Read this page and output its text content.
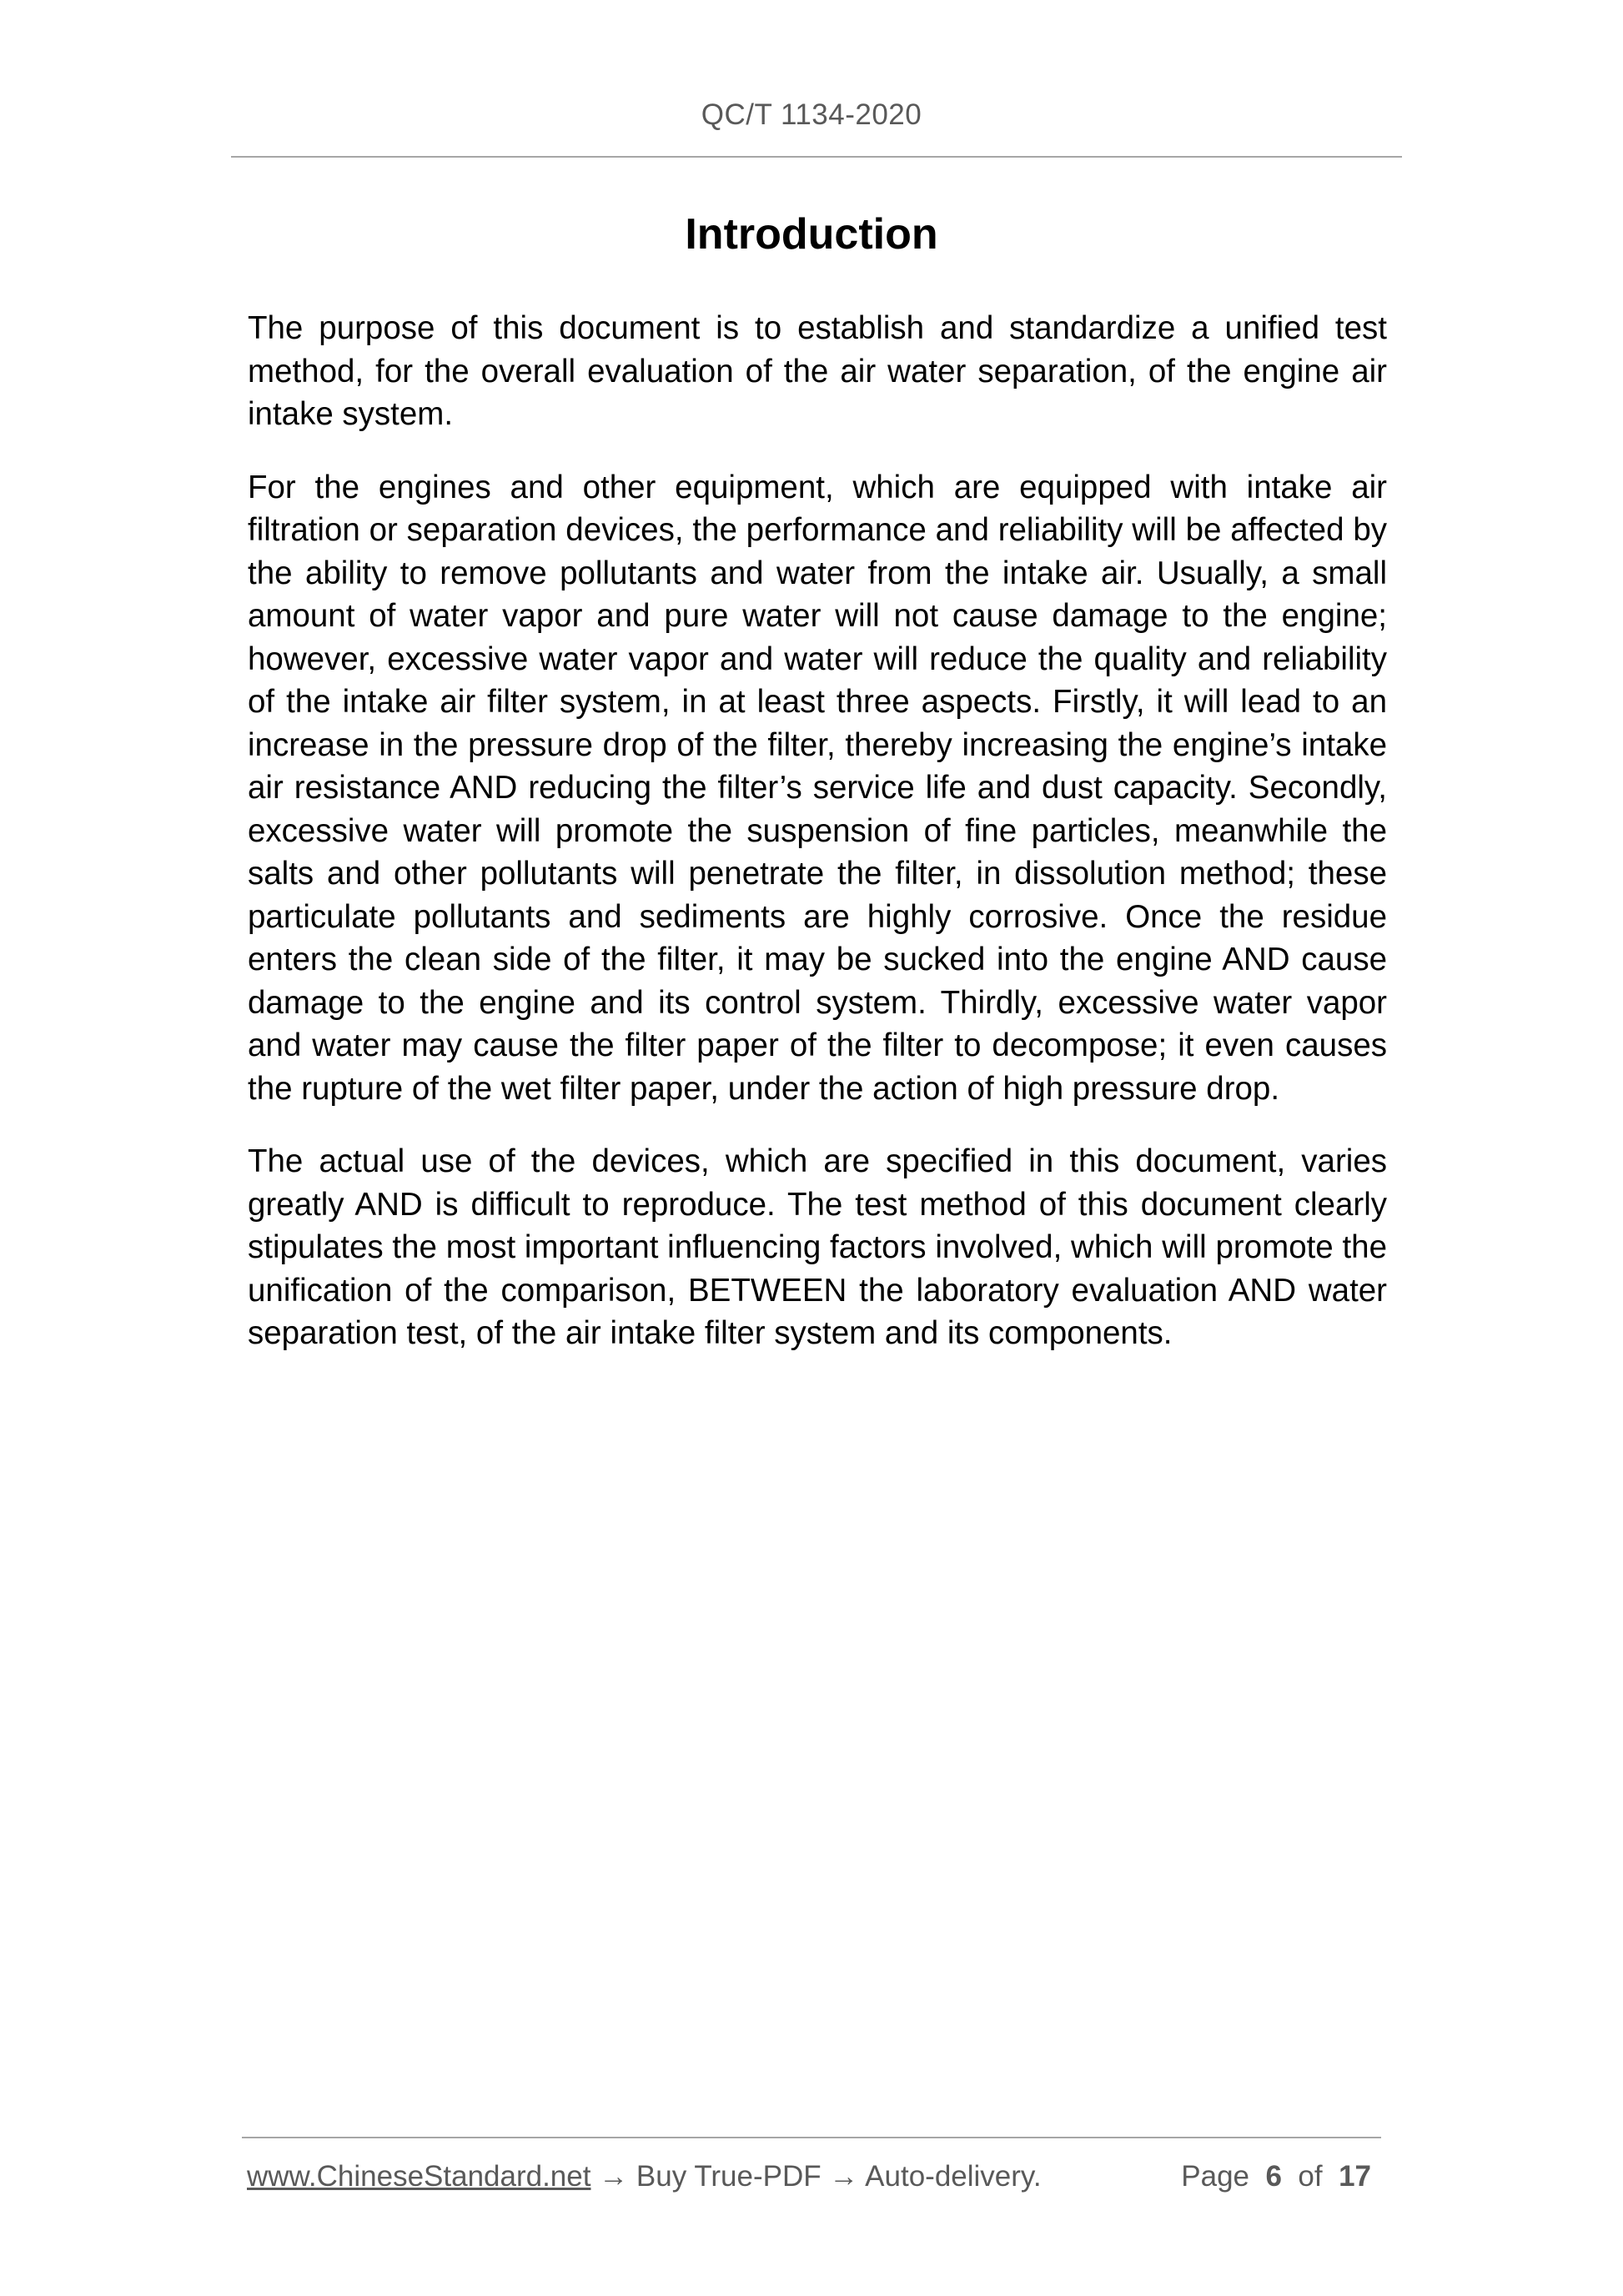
QC/T 1134-2020
Introduction

The purpose of this document is to establish and standardize a unified test method, for the overall evaluation of the air water separation, of the engine air intake system.

For the engines and other equipment, which are equipped with intake air filtration or separation devices, the performance and reliability will be affected by the ability to remove pollutants and water from the intake air. Usually, a small amount of water vapor and pure water will not cause damage to the engine; however, excessive water vapor and water will reduce the quality and reliability of the intake air filter system, in at least three aspects. Firstly, it will lead to an increase in the pressure drop of the filter, thereby increasing the engine’s intake air resistance AND reducing the filter’s service life and dust capacity. Secondly, excessive water will promote the suspension of fine particles, meanwhile the salts and other pollutants will penetrate the filter, in dissolution method; these particulate pollutants and sediments are highly corrosive. Once the residue enters the clean side of the filter, it may be sucked into the engine AND cause damage to the engine and its control system. Thirdly, excessive water vapor and water may cause the filter paper of the filter to decompose; it even causes the rupture of the wet filter paper, under the action of high pressure drop.

The actual use of the devices, which are specified in this document, varies greatly AND is difficult to reproduce. The test method of this document clearly stipulates the most important influencing factors involved, which will promote the unification of the comparison, BETWEEN the laboratory evaluation AND water separation test, of the air intake filter system and its components.

www.ChineseStandard.net → Buy True-PDF → Auto-delivery.	Page 6 of 17
